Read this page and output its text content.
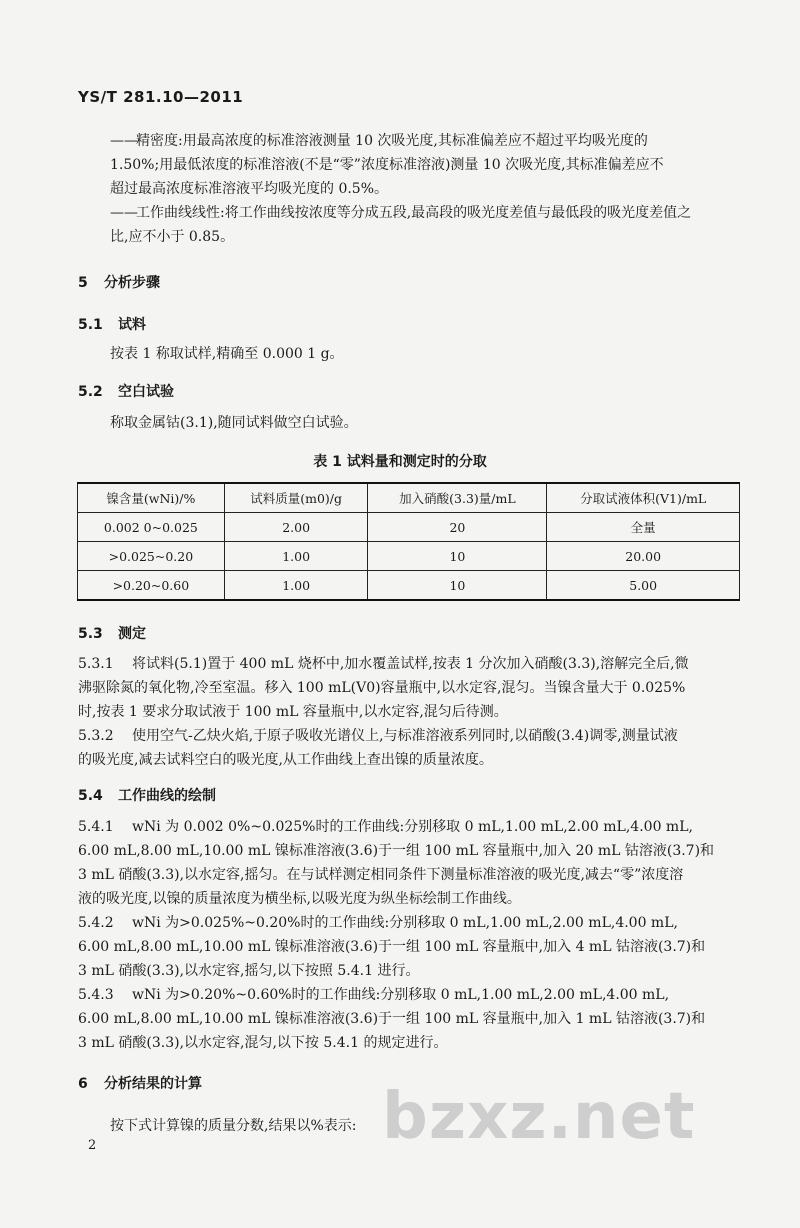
YS/T 281.10—2011
——
精密度:用最高浓度的标准溶液测量 10 次吸光度,其标准偏差应不超过平均吸光度的
1.50%;用最低浓度的标准溶液(不是“零”浓度标准溶液)测量 10 次吸光度,其标准偏差应不
超过最高浓度标准溶液平均吸光度的 0.5%。
——
工作曲线线性:将工作曲线按浓度等分成五段,最高段的吸光度差值与最低段的吸光度差值之
比,应不小于 0.85。
5 分析步骤
5.1 试料
按表 1 称取试样,精确至 0.000 1 g。
5.2 空白试验
称取金属钴(3.1),随同试料做空白试验。
表 1 试料量和测定时的分取
镍含量(wNi)/%	试料质量(m0)/g	加入硝酸(3.3)量/mL	分取试液体积(V1)/mL
0.002 0~0.025	2.00	20	全量
>0.025~0.20	1.00	10	20.00
>0.20~0.60	1.00	10	5.00
5.3 测定
5.3.1 将试料(5.1)置于 400 mL 烧杯中,加水覆盖试样,按表 1 分次加入硝酸(3.3),溶解完全后,微
沸驱除氮的氧化物,冷至室温。移入 100 mL(V0)容量瓶中,以水定容,混匀。当镍含量大于 0.025%
时,按表 1 要求分取试液于 100 mL 容量瓶中,以水定容,混匀后待测。
5.3.2 使用空气-乙炔火焰,于原子吸收光谱仪上,与标准溶液系列同时,以硝酸(3.4)调零,测量试液
的吸光度,减去试料空白的吸光度,从工作曲线上查出镍的质量浓度。
5.4 工作曲线的绘制
5.4.1 wNi 为 0.002 0%~0.025%时的工作曲线:分别移取 0 mL,1.00 mL,2.00 mL,4.00 mL,
6.00 mL,8.00 mL,10.00 mL 镍标准溶液(3.6)于一组 100 mL 容量瓶中,加入 20 mL 钴溶液(3.7)和
3 mL 硝酸(3.3),以水定容,摇匀。在与试样测定相同条件下测量标准溶液的吸光度,减去“零”浓度溶
液的吸光度,以镍的质量浓度为横坐标,以吸光度为纵坐标绘制工作曲线。
5.4.2 wNi 为>0.025%~0.20%时的工作曲线:分别移取 0 mL,1.00 mL,2.00 mL,4.00 mL,
6.00 mL,8.00 mL,10.00 mL 镍标准溶液(3.6)于一组 100 mL 容量瓶中,加入 4 mL 钴溶液(3.7)和
3 mL 硝酸(3.3),以水定容,摇匀,以下按照 5.4.1 进行。
5.4.3 wNi 为>0.20%~0.60%时的工作曲线:分别移取 0 mL,1.00 mL,2.00 mL,4.00 mL,
6.00 mL,8.00 mL,10.00 mL 镍标准溶液(3.6)于一组 100 mL 容量瓶中,加入 1 mL 钴溶液(3.7)和
3 mL 硝酸(3.3),以水定容,混匀,以下按 5.4.1 的规定进行。
6 分析结果的计算
按下式计算镍的质量分数,结果以%表示: bzxz.net
2
